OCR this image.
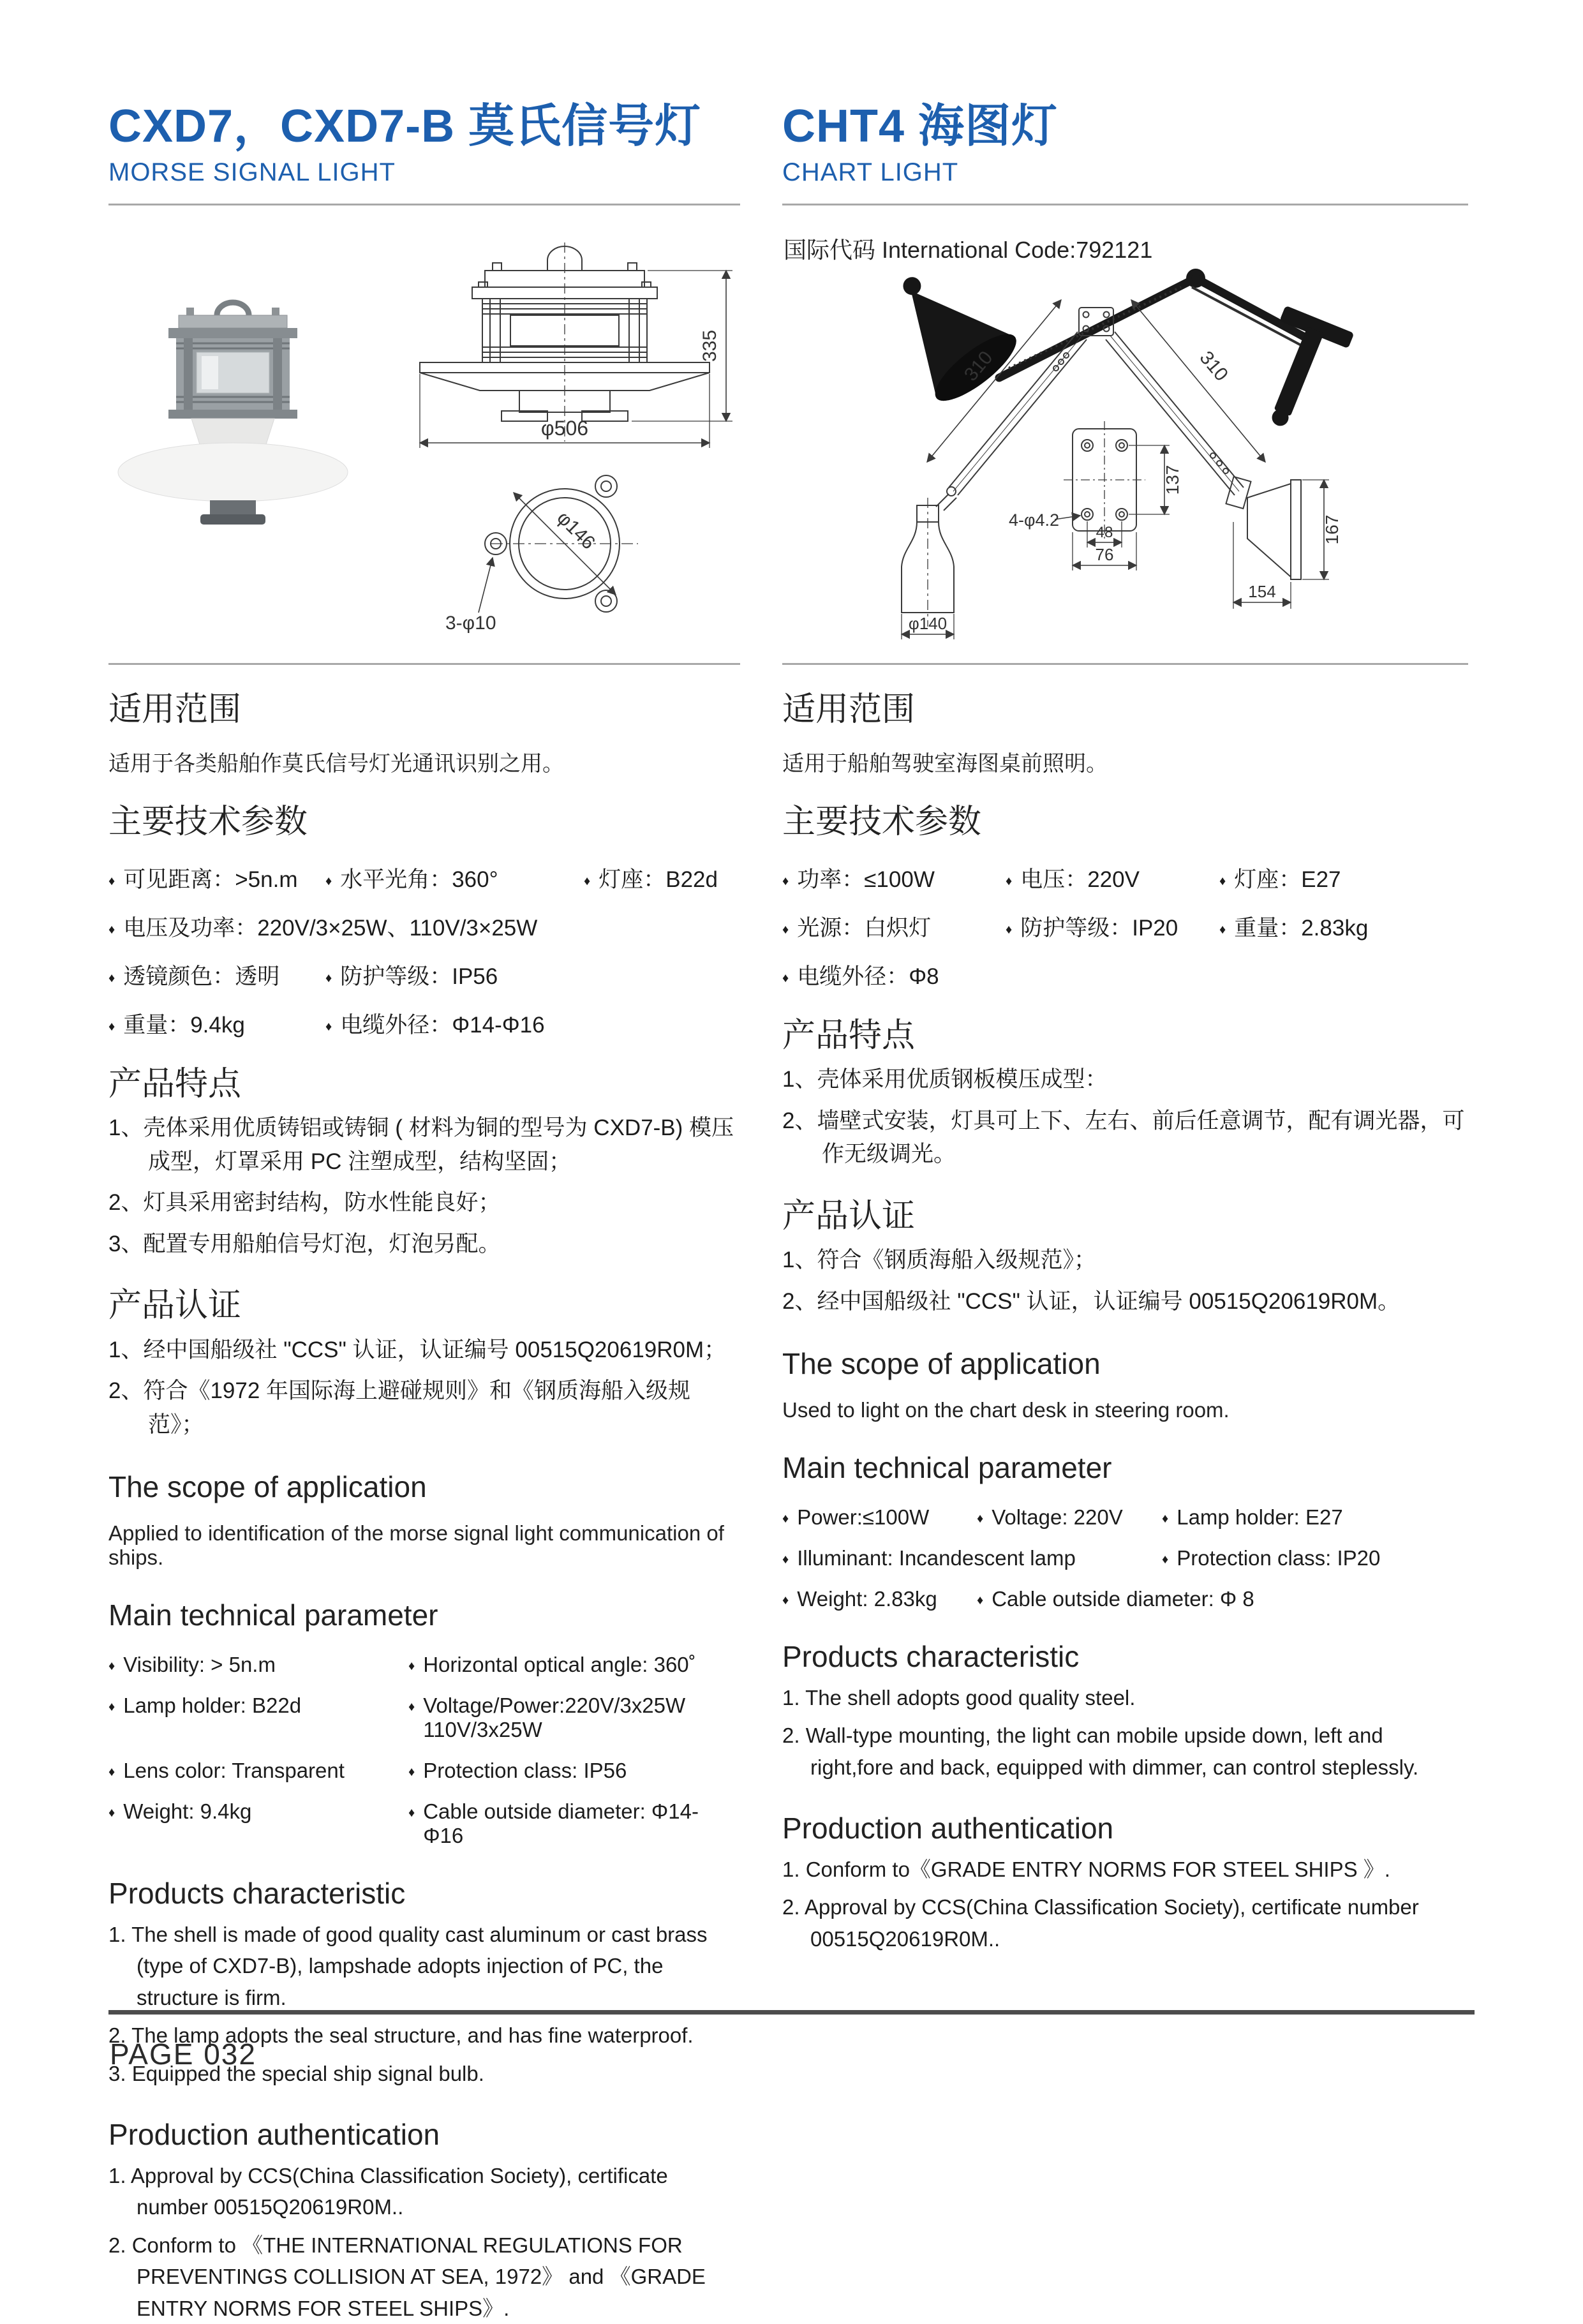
CXD7，CXD7-B 莫氏信号灯
MORSE SIGNAL LIGHT
335
φ506
φ146
3-φ10
适用范围

适用于各类船舶作莫氏信号灯光通讯识别之用。

主要技术参数
♦ 可见距离：>5n.m ♦ 水平光角：360°	♦ 灯座：B22d
♦ 电压及功率：220V/3×25W、110V/3×25W
♦ 透镜颜色：透明	♦ 防护等级：IP56
♦ 重量：9.4kg	♦ 电缆外径：Φ14-Φ16
产品特点

1、壳体采用优质铸铝或铸铜 ( 材料为铜的型号为 CXD7-B) 模压成型，灯罩采用 PC 注塑成型，结构坚固；

2、灯具采用密封结构，防水性能良好；

3、配置专用船舶信号灯泡，灯泡另配。

产品认证

1、经中国船级社 "CCS" 认证，认证编号 00515Q20619R0M；

2、符合《1972 年国际海上避碰规则》和《钢质海船入级规范》；

The scope of application

Applied to identification of the morse signal light communication of ships.

Main technical parameter
♦ Visibility: > 5n.m	♦ Horizontal optical angle: 360˚
♦ Lamp holder: B22d	♦ Voltage/Power:220V/3x25W 110V/3x25W
♦ Lens color: Transparent	♦ Protection class: IP56
♦ Weight: 9.4kg	♦ Cable outside diameter: Φ14- Φ16
Products characteristic

1. The shell is made of good quality cast aluminum or cast brass (type of CXD7-B), lampshade adopts injection of PC, the structure is firm.

2. The lamp adopts the seal structure, and has fine waterproof.

3. Equipped the special ship signal bulb.

Production authentication

1. Approval by CCS(China Classification Society), certificate number 00515Q20619R0M..

2. Conform to 《THE INTERNATIONAL REGULATIONS FOR PREVENTINGS COLLISION AT SEA, 1972》 and 《GRADE ENTRY NORMS FOR STEEL SHIPS》.

CHT4 海图灯
CHART LIGHT
国际代码 International Code:792121
310	310
φ140
137
4-φ4.2
48
76
167
154
适用范围

适用于船舶驾驶室海图桌前照明。

主要技术参数
♦ 功率：≤100W	♦ 电压：220V	♦ 灯座：E27
♦ 光源：白炽灯	♦ 防护等级：IP20	♦ 重量：2.83kg
♦ 电缆外径：Φ8
产品特点

1、壳体采用优质钢板模压成型：

2、墙壁式安装，灯具可上下、左右、前后任意调节，配有调光器，可作无级调光。

产品认证

1、符合《钢质海船入级规范》；

2、经中国船级社 "CCS" 认证，认证编号 00515Q20619R0M。

The scope of application

Used to light on the chart desk in steering room.

Main technical parameter
♦ Power:≤100W	♦ Voltage: 220V	♦ Lamp holder: E27
♦ Illuminant: Incandescent lamp	♦ Protection class: IP20
♦ Weight: 2.83kg	♦ Cable outside diameter: Φ 8
Products characteristic

1. The shell adopts good quality steel.

2. Wall-type mounting, the light can mobile upside down, left and right,fore and back, equipped with dimmer, can control steplessly.

Production authentication

1. Conform to《GRADE ENTRY NORMS FOR STEEL SHIPS 》.

2. Approval by CCS(China Classification Society), certificate number 00515Q20619R0M..

PAGE 032
